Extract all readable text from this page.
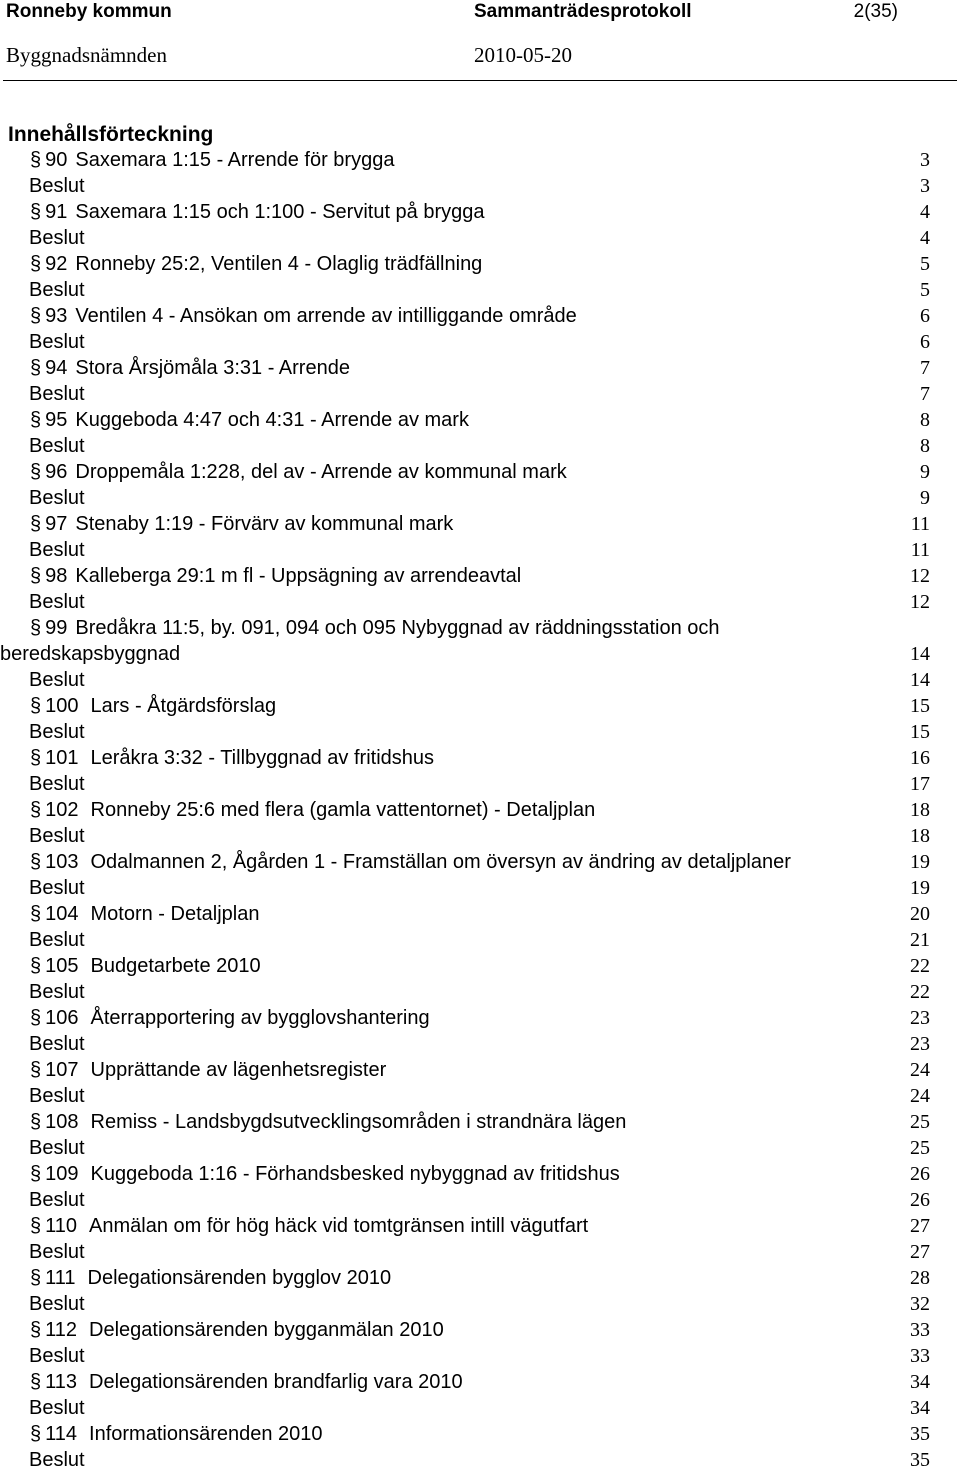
Ronneby kommun	Sammanträdesprotokoll	2(35)
Byggnadsnämnden	2010-05-20
Innehållsförteckning
§ 90 Saxemara 1:15 - Arrende för brygga	3
Beslut	3
§ 91 Saxemara 1:15 och 1:100 - Servitut på brygga	4
Beslut	4
§ 92 Ronneby 25:2, Ventilen 4 - Olaglig trädfällning	5
Beslut	5
§ 93 Ventilen 4 - Ansökan om arrende av intilliggande område	6
Beslut	6
§ 94 Stora Årsjömåla 3:31 - Arrende	7
Beslut	7
§ 95 Kuggeboda 4:47 och 4:31 - Arrende av mark	8
Beslut	8
§ 96 Droppemåla 1:228, del av - Arrende av kommunal mark	9
Beslut	9
§ 97 Stenaby 1:19 - Förvärv av kommunal mark	11
Beslut	11
§ 98 Kalleberga 29:1 m fl - Uppsägning av arrendeavtal	12
Beslut	12
§ 99 Bredåkra 11:5, by. 091, 094 och 095 Nybyggnad av räddningsstation och
beredskapsbyggnad	14
Beslut	14
§ 100 Lars - Åtgärdsförslag	15
Beslut	15
§ 101 Leråkra 3:32 - Tillbyggnad av fritidshus	16
Beslut	17
§ 102 Ronneby 25:6 med flera (gamla vattentornet) - Detaljplan	18
Beslut	18
§ 103 Odalmannen 2, Ågården 1 - Framställan om översyn av ändring av detaljplaner	19
Beslut	19
§ 104 Motorn - Detaljplan	20
Beslut	21
§ 105 Budgetarbete 2010	22
Beslut	22
§ 106 Återrapportering av bygglovshantering	23
Beslut	23
§ 107 Upprättande av lägenhetsregister	24
Beslut	24
§ 108 Remiss - Landsbygdsutvecklingsområden i strandnära lägen	25
Beslut	25
§ 109 Kuggeboda 1:16 - Förhandsbesked nybyggnad av fritidshus	26
Beslut	26
§ 110 Anmälan om för hög häck vid tomtgränsen intill vägutfart	27
Beslut	27
§ 111 Delegationsärenden bygglov 2010	28
Beslut	32
§ 112 Delegationsärenden bygganmälan 2010	33
Beslut	33
§ 113 Delegationsärenden brandfarlig vara 2010	34
Beslut	34
§ 114 Informationsärenden 2010	35
Beslut	35
